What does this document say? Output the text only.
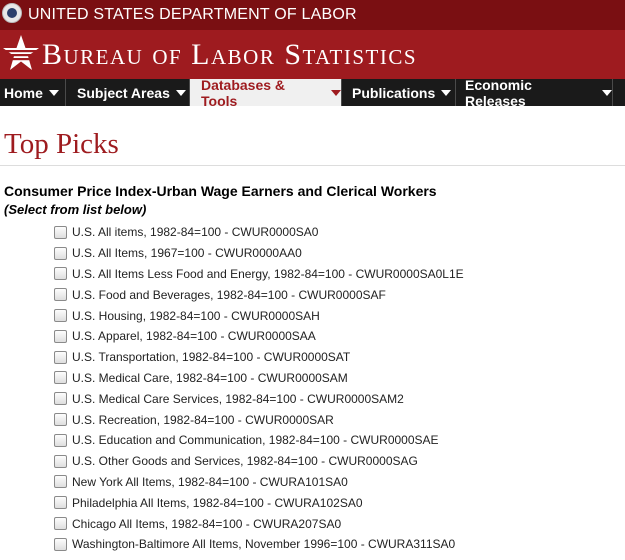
UNITED STATES DEPARTMENT OF LABOR
Bureau of Labor Statistics
Home Subject Areas Databases & Tools	Publications Economic Releases
Top Picks
Consumer Price Index-Urban Wage Earners and Clerical Workers
(Select from list below)
U.S. All items, 1982-84=100 - CWUR0000SA0
U.S. All Items, 1967=100 - CWUR0000AA0
U.S. All Items Less Food and Energy, 1982-84=100 - CWUR0000SA0L1E
U.S. Food and Beverages, 1982-84=100 - CWUR0000SAF
U.S. Housing, 1982-84=100 - CWUR0000SAH
U.S. Apparel, 1982-84=100 - CWUR0000SAA
U.S. Transportation, 1982-84=100 - CWUR0000SAT
U.S. Medical Care, 1982-84=100 - CWUR0000SAM
U.S. Medical Care Services, 1982-84=100 - CWUR0000SAM2
U.S. Recreation, 1982-84=100 - CWUR0000SAR
U.S. Education and Communication, 1982-84=100 - CWUR0000SAE
U.S. Other Goods and Services, 1982-84=100 - CWUR0000SAG
New York All Items, 1982-84=100 - CWURA101SA0
Philadelphia All Items, 1982-84=100 - CWURA102SA0
Chicago All Items, 1982-84=100 - CWURA207SA0
Washington-Baltimore All Items, November 1996=100 - CWURA311SA0
